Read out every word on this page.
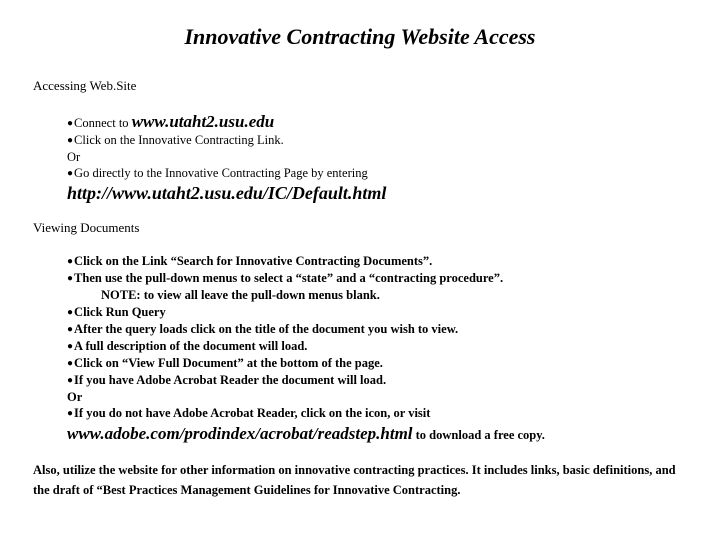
Innovative Contracting Website Access
Accessing Web.Site
●Connect to www.utaht2.usu.edu
●Click on the Innovative Contracting Link.
Or
●Go directly to the Innovative Contracting Page by entering
http://www.utaht2.usu.edu/IC/Default.html
Viewing Documents
●Click on the Link “Search for Innovative Contracting Documents”.
●Then use the pull-down menus to select a “state” and a “contracting procedure”.
NOTE: to view all leave the pull-down menus blank.
●Click Run Query
●After the query loads click on the title of the document you wish to view.
●A full description of the document will load.
●Click on “View Full Document” at the bottom of the page.
●If you have Adobe Acrobat Reader the document will load.
Or
●If you do not have Adobe Acrobat Reader, click on the icon, or visit
www.adobe.com/prodindex/acrobat/readstep.html to download a free copy.
Also, utilize the website for other information on innovative contracting practices. It includes links, basic definitions, and the draft of “Best Practices Management Guidelines for Innovative Contracting.
